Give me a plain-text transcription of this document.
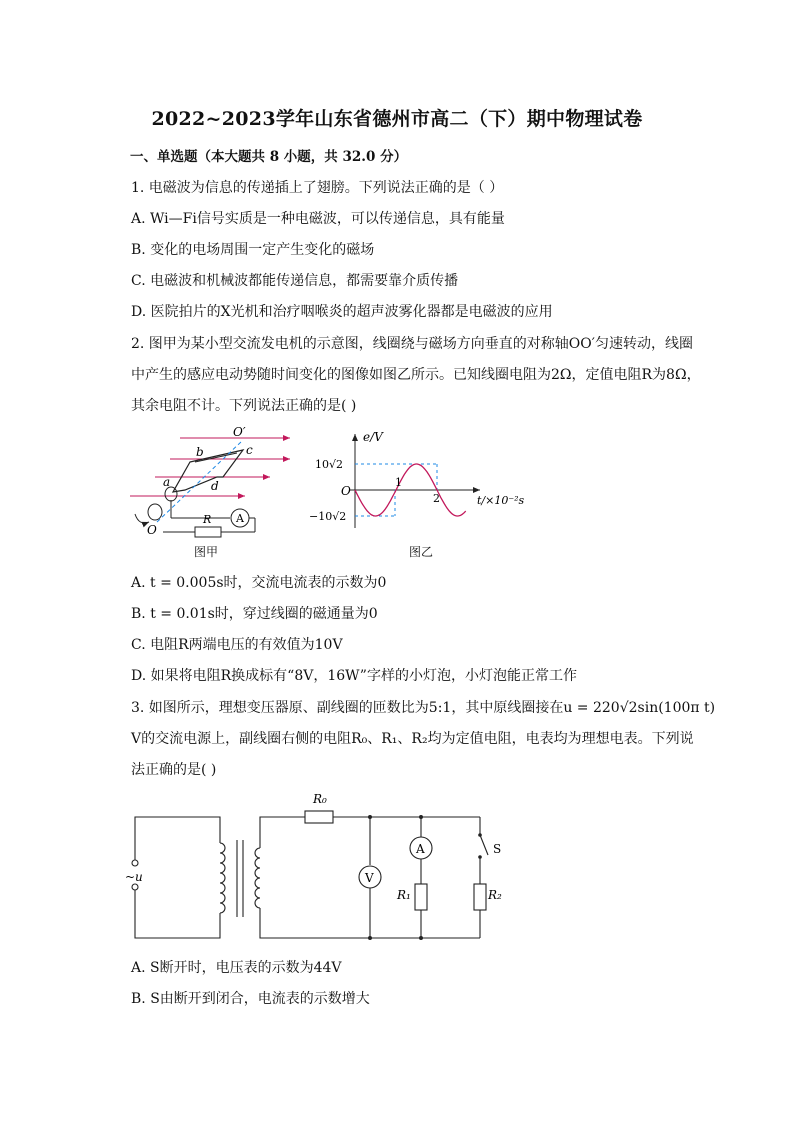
2022~2023学年山东省德州市高二（下）期中物理试卷
一、单选题（本大题共 8 小题，共 32.0 分）
1. 电磁波为信息的传递插上了翅膀。下列说法正确的是（ ）
A. Wi—Fi信号实质是一种电磁波，可以传递信息，具有能量
B. 变化的电场周围一定产生变化的磁场
C. 电磁波和机械波都能传递信息，都需要靠介质传播
D. 医院拍片的X光机和治疗咽喉炎的超声波雾化器都是电磁波的应用
2. 图甲为某小型交流发电机的示意图，线圈绕与磁场方向垂直的对称轴OO′匀速转动，线圈
中产生的感应电动势随时间变化的图像如图乙所示。已知线圈电阻为2Ω，定值电阻R为8Ω，
其余电阻不计。下列说法正确的是( )
O′
b	c
a	d
R A
O
图甲
e/V
10√2
−10√2
O
1
2	t/×10⁻²s
图乙
A. t = 0.005s时，交流电流表的示数为0
B. t = 0.01s时，穿过线圈的磁通量为0
C. 电阻R两端电压的有效值为10V
D. 如果将电阻R换成标有“8V，16W”字样的小灯泡，小灯泡能正常工作
3. 如图所示，理想变压器原、副线圈的匝数比为5:1，其中原线圈接在u = 220√2sin(100π t)
V的交流电源上，副线圈右侧的电阻R₀、R₁、R₂均为定值电阻，电表均为理想电表。下列说
法正确的是( )
R₀
~u	V
A
R₁	R₂
S
A. S断开时，电压表的示数为44V
B. S由断开到闭合，电流表的示数增大
